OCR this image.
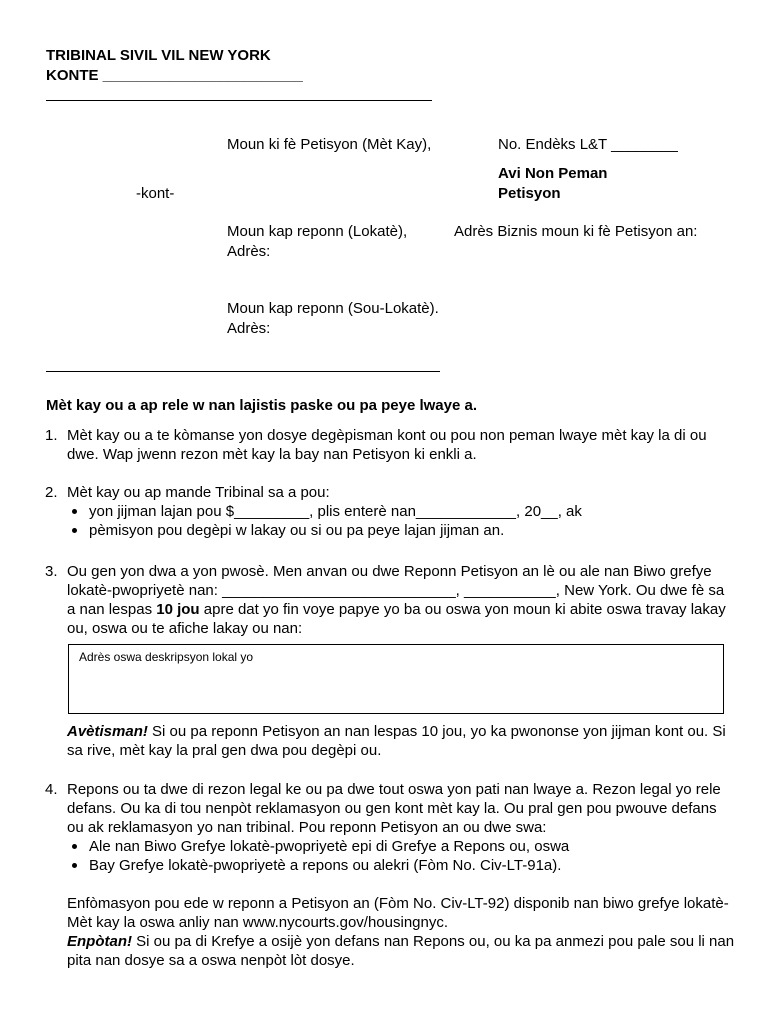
TRIBINAL SIVIL VIL NEW YORK
KONTE ________________________
Moun ki fè Petisyon (Mèt Kay),	No. Endèks L&T ________
Avi Non Peman
Petisyon
-kont-
Moun kap reponn (Lokatè),
Adrès:
Adrès Biznis moun ki fè Petisyon an:
Moun kap reponn (Sou-Lokatè).
Adrès:
Mèt kay ou a ap rele w nan lajistis paske ou pa peye lwaye a.
1. Mèt kay ou a te kòmanse yon dosye degèpisman kont ou pou non peman lwaye mèt kay la di ou dwe. Wap jwenn rezon mèt kay la bay nan Petisyon ki enkli a.
2. Mèt kay ou ap mande Tribinal sa a pou:
yon jijman lajan pou $_________, plis enterè nan____________, 20__, ak
pèmisyon pou degèpi w lakay ou si ou pa peye lajan jijman an.
3. Ou gen yon dwa a yon pwosè. Men anvan ou dwe Reponn Petisyon an lè ou ale nan Biwo grefye lokatè-pwopriyetè nan: ____________________________, ___________, New York. Ou dwe fè sa a nan lespas 10 jou apre dat yo fin voye papye yo ba ou oswa yon moun ki abite oswa travay lakay ou, oswa ou te afiche lakay ou nan:
Adrès oswa deskripsyon lokal yo
Avètisman! Si ou pa reponn Petisyon an nan lespas 10 jou, yo ka pwononse yon jijman kont ou. Si sa rive, mèt kay la pral gen dwa pou degèpi ou.
4. Repons ou ta dwe di rezon legal ke ou pa dwe tout oswa yon pati nan lwaye a. Rezon legal yo rele defans. Ou ka di tou nenpòt reklamasyon ou gen kont mèt kay la. Ou pral gen pou pwouve defans ou ak reklamasyon yo nan tribinal. Pou reponn Petisyon an ou dwe swa:
Ale nan Biwo Grefye lokatè-pwopriyetè epi di Grefye a Repons ou, oswa
Bay Grefye lokatè-pwopriyetè a repons ou alekri (Fòm No. Civ-LT-91a).
Enfòmasyon pou ede w reponn a Petisyon an (Fòm No. Civ-LT-92) disponib nan biwo grefye lokatè-Mèt kay la oswa anliy nan www.nycourts.gov/housingnyc.
Enpòtan! Si ou pa di Krefye a osijè yon defans nan Repons ou, ou ka pa anmezi pou pale sou li nan pita nan dosye sa a oswa nenpòt lòt dosye.
